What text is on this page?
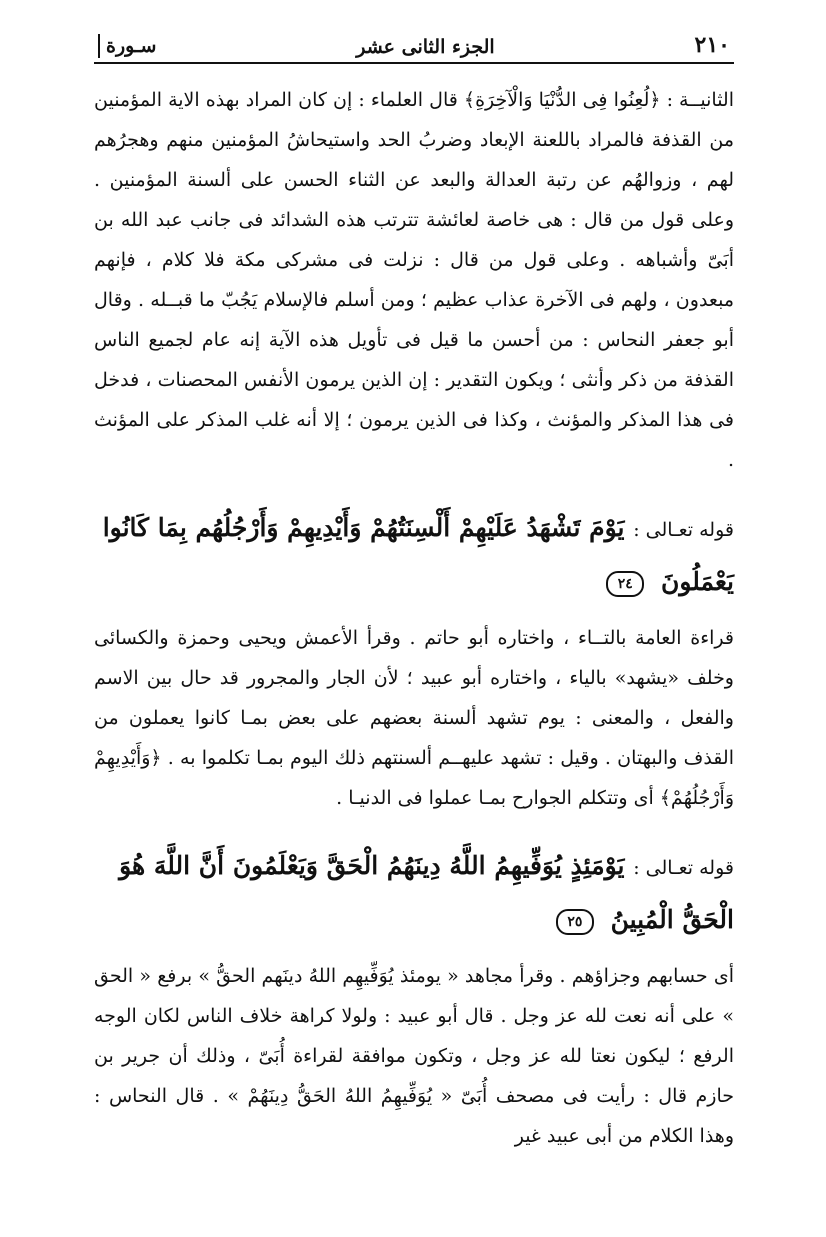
٢١٠
الجزء الثانى عشر
سـورة

الثانيــة : ﴿لُعِنُوا فِى الدُّنْيَا وَالْآخِرَةِ﴾ قال العلماء : إن كان المراد بهذه الاية المؤمنين من القذفة فالمراد باللعنة الإبعاد وضربُ الحد واستيحاشُ المؤمنين منهم وهجرُهم لهم ، وزوالهُم عن رتبة العدالة والبعد عن الثناء الحسن على ألسنة المؤمنين . وعلى قول من قال : هى خاصة لعائشة تترتب هذه الشدائد فى جانب عبد الله بن أبَىّ وأشباهه . وعلى قول من قال : نزلت فى مشركى مكة فلا كلام ، فإنهم مبعدون ، ولهم فى الآخرة عذاب عظيم ؛ ومن أسلم فالإسلام يَجُبّ ما قبــله . وقال أبو جعفر النحاس : من أحسن ما قيل فى تأويل هذه الآية إنه عام لجميع الناس القذفة من ذكر وأنثى ؛ ويكون التقدير : إن الذين يرمون الأنفس المحصنات ، فدخل فى هذا المذكر والمؤنث ، وكذا فى الذين يرمون ؛ إلا أنه غلب المذكر على المؤنث .

قوله تعـالى : يَوْمَ تَشْهَدُ عَلَيْهِمْ أَلْسِنَتُهُمْ وَأَيْدِيهِمْ وَأَرْجُلُهُم بِمَا كَانُوا يَعْمَلُونَ ٢٤

قراءة العامة بالتــاء ، واختاره أبو حاتم . وقرأ الأعمش ويحيى وحمزة والكسائى وخلف «يشهد» بالياء ، واختاره أبو عبيد ؛ لأن الجار والمجرور قد حال بين الاسم والفعل ، والمعنى : يوم تشهد ألسنة بعضهم على بعض بمـا كانوا يعملون من القذف والبهتان . وقيل : تشهد عليهــم ألسنتهم ذلك اليوم بمـا تكلموا به . ﴿وَأَيْدِيهِمْ وَأَرْجُلُهُمْ﴾ أى وتتكلم الجوارح بمـا عملوا فى الدنيـا .

قوله تعـالى : يَوْمَئِذٍ يُوَفِّيهِمُ اللَّهُ دِينَهُمُ الْحَقَّ وَيَعْلَمُونَ أَنَّ اللَّهَ هُوَ الْحَقُّ الْمُبِينُ ٢٥

أى حسابهم وجزاؤهم . وقرأ مجاهد « يومئذ يُوَفِّيهِم اللهُ دينَهم الحقُّ » برفع « الحق » على أنه نعت لله عز وجل . قال أبو عبيد : ولولا كراهة خلاف الناس لكان الوجه الرفع ؛ ليكون نعتا لله عز وجل ، وتكون موافقة لقراءة أُبَىّ ، وذلك أن جرير بن حازم قال : رأيت فى مصحف أُبَىّ « يُوَفِّيهِمُ اللهُ الحَقُّ دِينَهُمْ » . قال النحاس : وهذا الكلام من أبى عبيد غير
